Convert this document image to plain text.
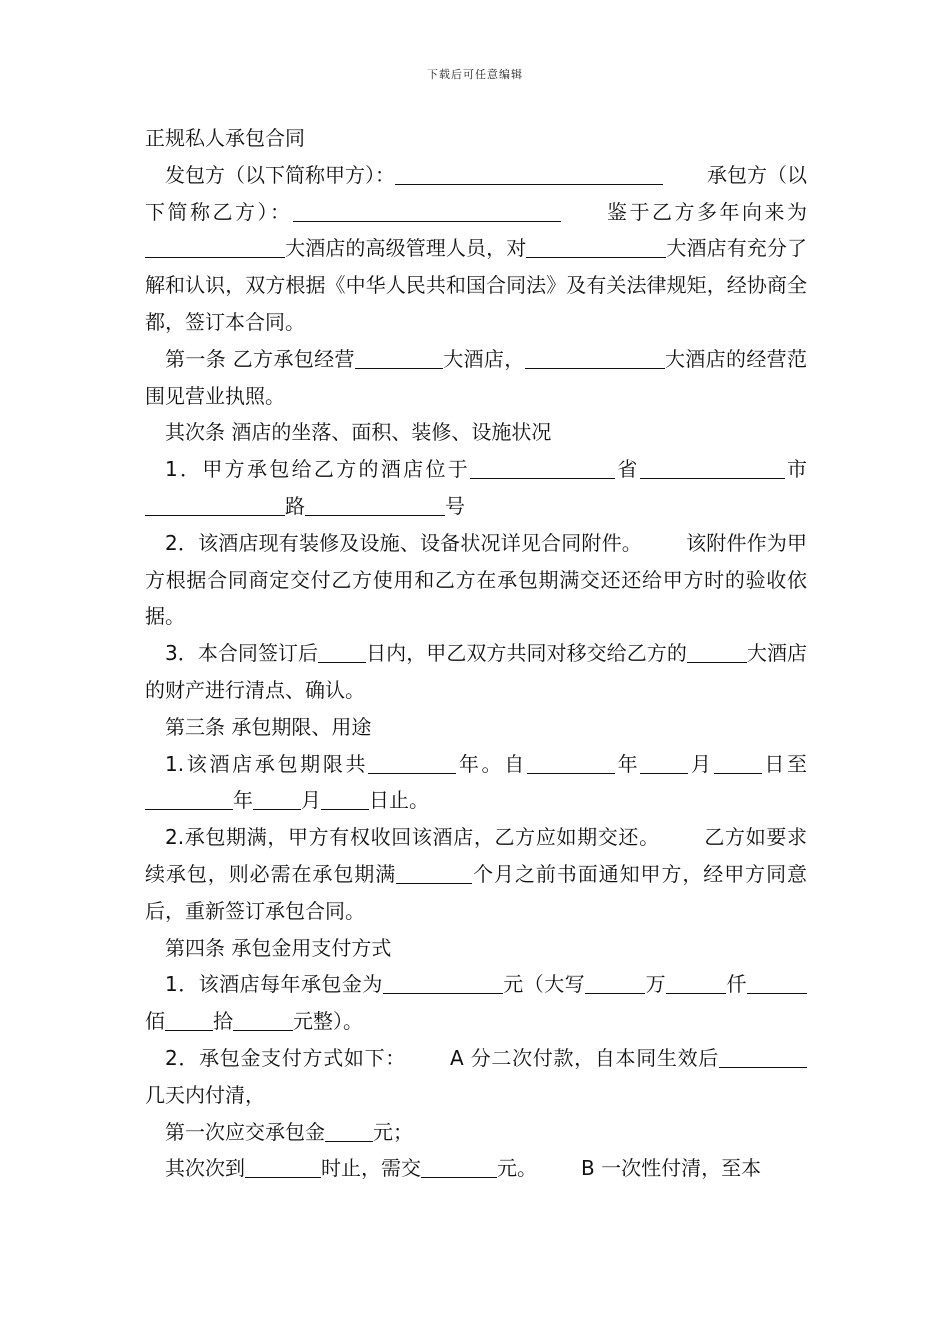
下载后可任意编辑

正规私人承包合同

发包方（以下简称甲方）：	承包方（以下简称乙方）：	鉴于乙方多年向来为大酒店的高级管理人员，对	大酒店有充分了解和认识，双方根据《中华人民共和国合同法》及有关法律规矩，经协商全都，签订本合同。

第一条 乙方承包经营	大酒店，	大酒店的经营范围见营业执照。

其次条 酒店的坐落、面积、装修、设施状况

1．甲方承包给乙方的酒店位于	省	市路	号

2．该酒店现有装修及设施、设备状况详见合同附件。 该附件作为甲方根据合同商定交付乙方使用和乙方在承包期满交还还给甲方时的验收依据。

3．本合同签订后 日内，甲乙双方共同对移交给乙方的	大酒店的财产进行清点、确认。

第三条 承包期限、用途

1.该酒店承包期限共	年。自	年 月 日至年 月 日止。

2.承包期满，甲方有权收回该酒店，乙方应如期交还。 乙方如要求续承包，则必需在承包期满	个月之前书面通知甲方，经甲方同意后，重新签订承包合同。

第四条 承包金用支付方式

1．该酒店每年承包金为	元（大写	万	仟佰 拾	元整）。

2．承包金支付方式如下： A 分二次付款，自本同生效后几天内付清，

第一次应交承包金 元；

其次次到	时止，需交	元。 B 一次性付清，至本
